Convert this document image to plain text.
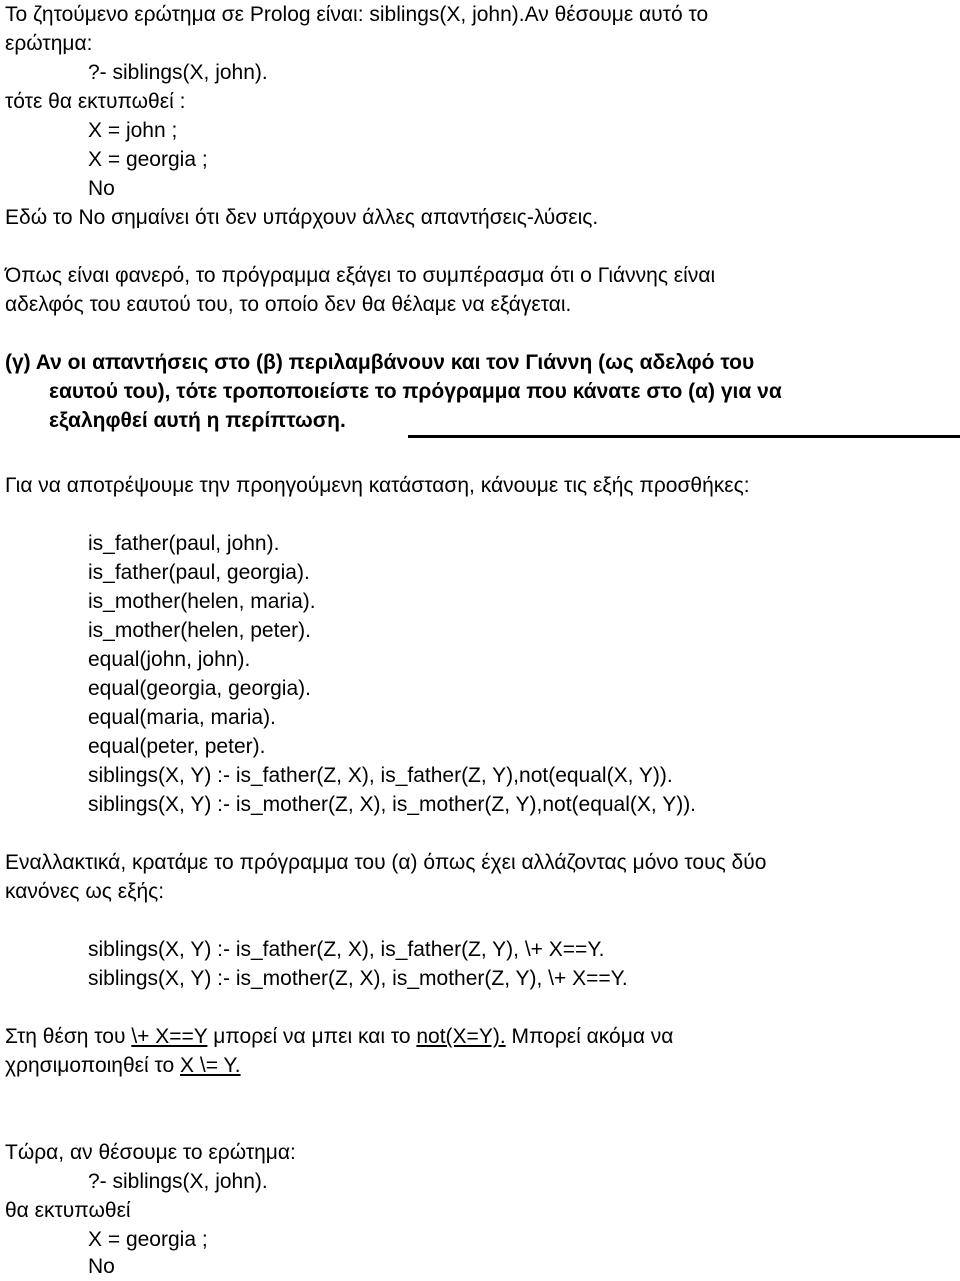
Το ζητούμενο ερώτημα σε Prolog είναι: siblings(X, john).Αν θέσουμε αυτό το
ερώτημα:
?- siblings(X, john).
τότε θα εκτυπωθεί :
X = john ;
X = georgia ;
No
Εδώ το No σημαίνει ότι δεν υπάρχουν άλλες απαντήσεις-λύσεις.
Όπως είναι φανερό, το πρόγραμμα εξάγει το συμπέρασμα ότι ο Γιάννης είναι
αδελφός του εαυτού του, το οποίο δεν θα θέλαμε να εξάγεται.
(γ) Αν οι απαντήσεις στο (β) περιλαμβάνουν και τον Γιάννη (ως αδελφό του
εαυτού του), τότε τροποποιείστε το πρόγραμμα που κάνατε στο (α) για να
εξαληφθεί αυτή η περίπτωση.
Για να αποτρέψουμε την προηγούμενη κατάσταση, κάνουμε τις εξής προσθήκες:
is_father(paul, john).
is_father(paul, georgia).
is_mother(helen, maria).
is_mother(helen, peter).
equal(john, john).
equal(georgia, georgia).
equal(maria, maria).
equal(peter, peter).
siblings(X, Y) :- is_father(Z, X), is_father(Z, Y),not(equal(X, Y)).
siblings(X, Y) :- is_mother(Z, X), is_mother(Z, Y),not(equal(X, Y)).
Εναλλακτικά, κρατάμε το πρόγραμμα του (α) όπως έχει αλλάζοντας μόνο τους δύο
κανόνες ως εξής:
siblings(X, Y) :- is_father(Z, X), is_father(Z, Y), \+ X==Y.
siblings(X, Y) :- is_mother(Z, X), is_mother(Z, Y), \+ X==Y.
Στη θέση του \+ X==Y μπορεί να μπει και το not(X=Y). Μπορεί ακόμα να
χρησιμοποιηθεί το X \= Y.
Τώρα, αν θέσουμε το ερώτημα:
?- siblings(X, john).
θα εκτυπωθεί
X = georgia ;
No
